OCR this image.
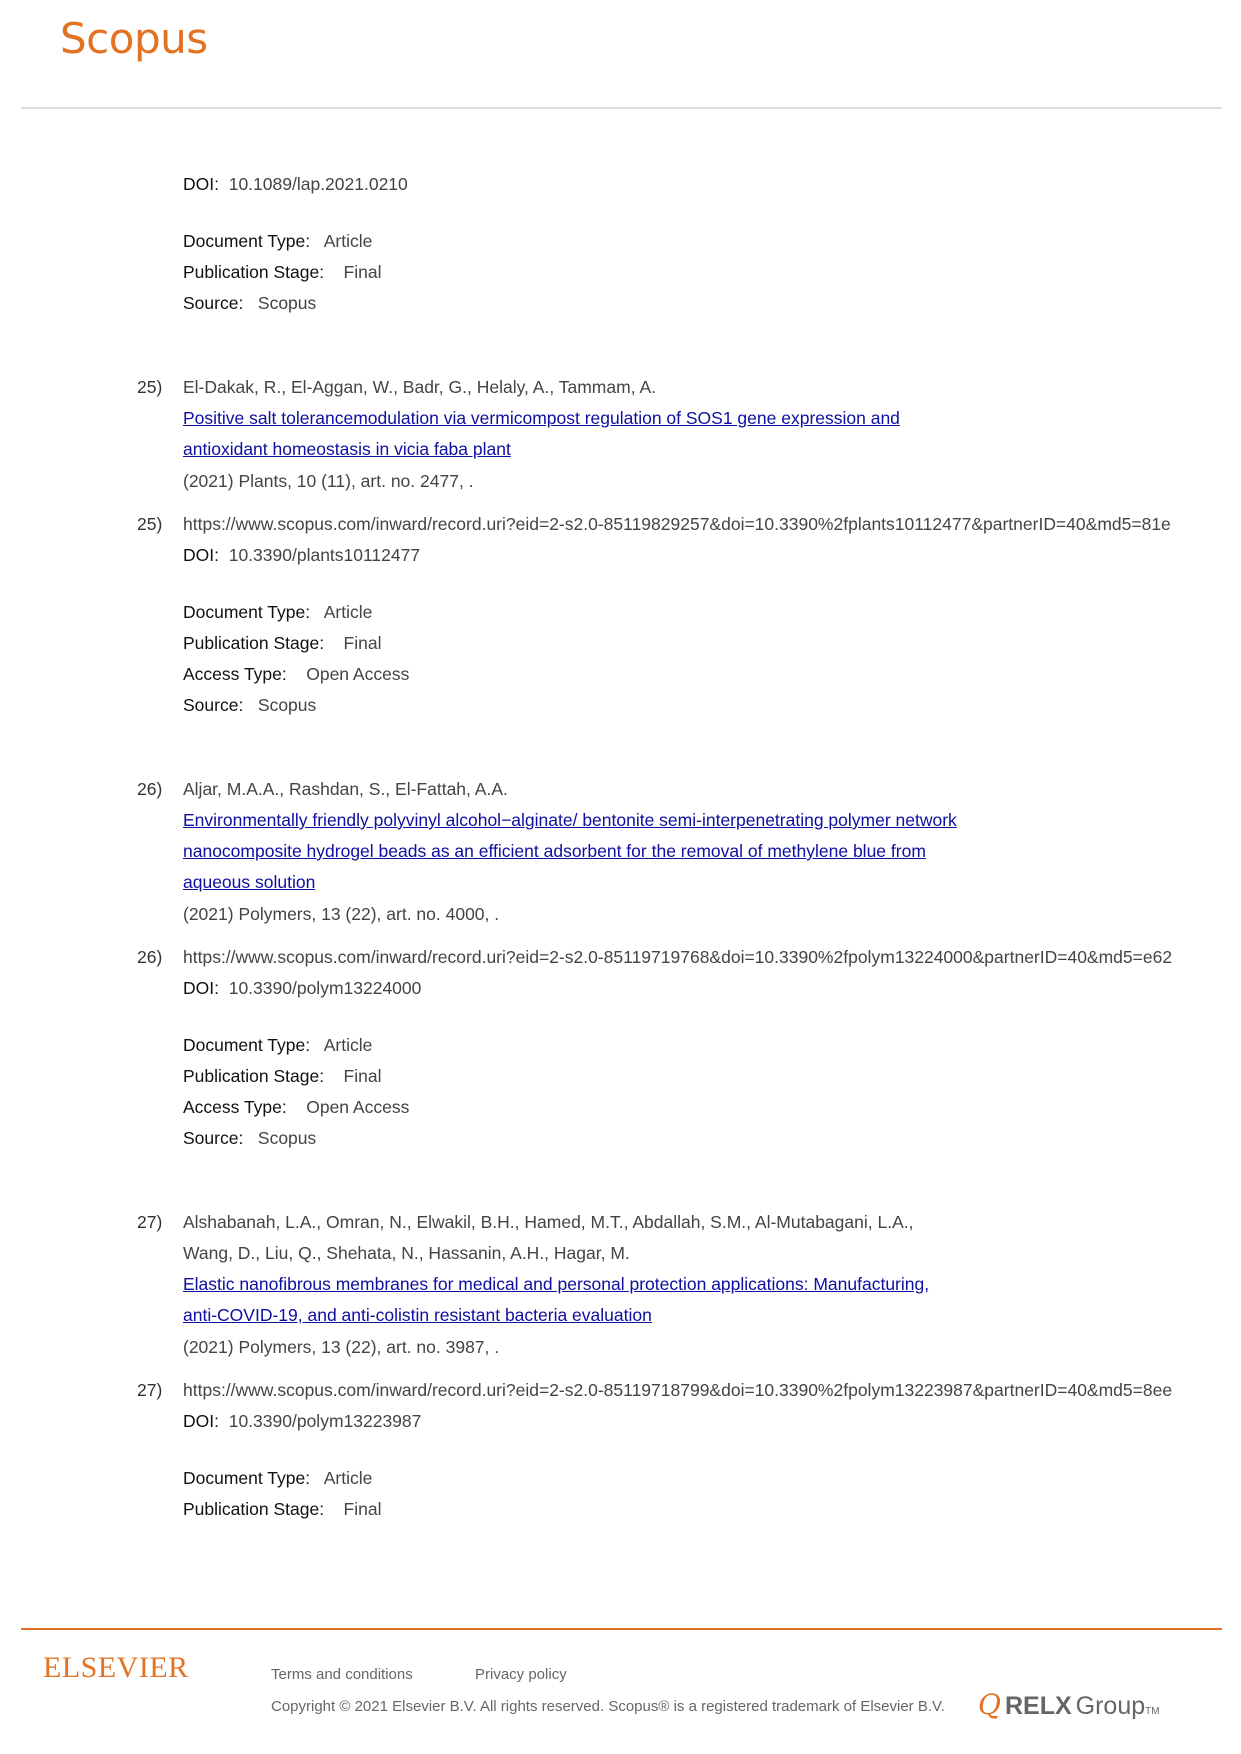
Scopus
DOI: 10.1089/lap.2021.0210
Document Type: Article
Publication Stage: Final
Source: Scopus
25) El-Dakak, R., El-Aggan, W., Badr, G., Helaly, A., Tammam, A.
Positive salt tolerancemodulation via vermicompost regulation of SOS1 gene expression and
antioxidant homeostasis in vicia faba plant
(2021) Plants, 10 (11), art. no. 2477, .
25) https://www.scopus.com/inward/record.uri?eid=2-s2.0-85119829257&doi=10.3390%2fplants10112477&partnerID=40&md5=81e
DOI: 10.3390/plants10112477
Document Type: Article
Publication Stage: Final
Access Type: Open Access
Source: Scopus
26) Aljar, M.A.A., Rashdan, S., El-Fattah, A.A.
Environmentally friendly polyvinyl alcohol−alginate/ bentonite semi-interpenetrating polymer network
nanocomposite hydrogel beads as an efficient adsorbent for the removal of methylene blue from
aqueous solution
(2021) Polymers, 13 (22), art. no. 4000, .
26) https://www.scopus.com/inward/record.uri?eid=2-s2.0-85119719768&doi=10.3390%2fpolym13224000&partnerID=40&md5=e62
DOI: 10.3390/polym13224000
Document Type: Article
Publication Stage: Final
Access Type: Open Access
Source: Scopus
27) Alshabanah, L.A., Omran, N., Elwakil, B.H., Hamed, M.T., Abdallah, S.M., Al-Mutabagani, L.A.,
Wang, D., Liu, Q., Shehata, N., Hassanin, A.H., Hagar, M.
Elastic nanofibrous membranes for medical and personal protection applications: Manufacturing,
anti-COVID-19, and anti-colistin resistant bacteria evaluation
(2021) Polymers, 13 (22), art. no. 3987, .
27) https://www.scopus.com/inward/record.uri?eid=2-s2.0-85119718799&doi=10.3390%2fpolym13223987&partnerID=40&md5=8ee
DOI: 10.3390/polym13223987
Document Type: Article
Publication Stage: Final
ELSEVIER	Terms and conditions	Privacy policy
Copyright © 2021 Elsevier B.V. All rights reserved. Scopus® is a registered trademark of Elsevier B.V. Q RELX Group TM
